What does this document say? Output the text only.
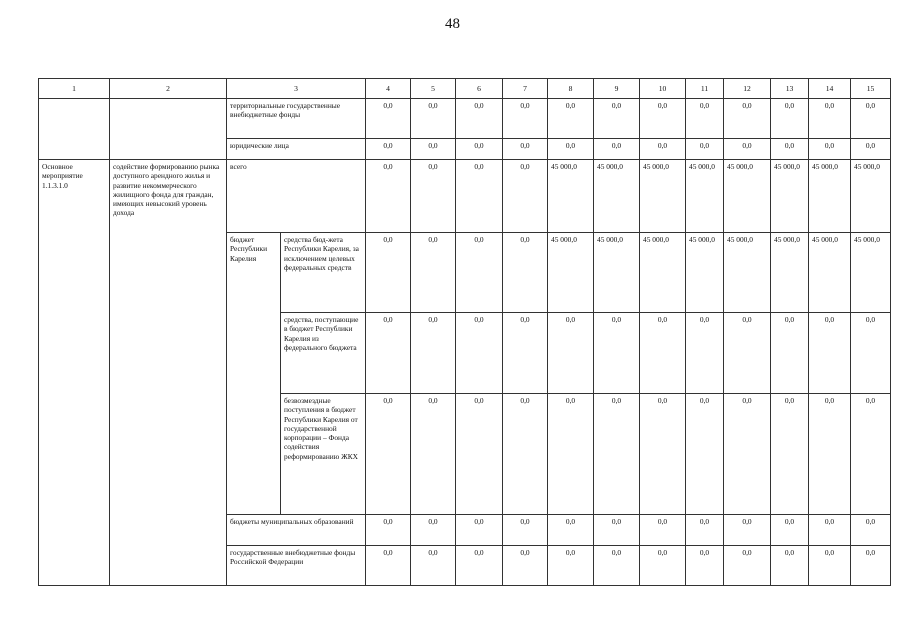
48
1	2	3		4	5	6	7	8	9	10	11	12	13	14	15
		территориальные государственные внебюджетные фонды		0,0	0,0	0,0	0,0	0,0	0,0	0,0	0,0	0,0	0,0	0,0	0,0
		юридические лица		0,0	0,0	0,0	0,0	0,0	0,0	0,0	0,0	0,0	0,0	0,0	0,0
Основное мероприятие 1.1.3.1.0	содействие формированию рынка доступного арендного жилья и развитие некоммерческого жилищного фонда для граждан, имеющих невысокий уровень дохода	всего		0,0	0,0	0,0	0,0	45 000,0	45 000,0	45 000,0	45 000,0	45 000,0	45 000,0	45 000,0	45 000,0
		бюджет Республики Карелия	средства бюд-жета Республики Карелия, за исключением целевых федеральных средств	0,0	0,0	0,0	0,0	45 000,0	45 000,0	45 000,0	45 000,0	45 000,0	45 000,0	45 000,0	45 000,0
			средства, поступающие в бюджет Республики Карелия из федерального бюджета	0,0	0,0	0,0	0,0	0,0	0,0	0,0	0,0	0,0	0,0	0,0	0,0
			безвозмездные поступления в бюджет Республики Карелия от государственной корпорации – Фонда содействия реформированию ЖКХ	0,0	0,0	0,0	0,0	0,0	0,0	0,0	0,0	0,0	0,0	0,0	0,0
		бюджеты муниципальных образований		0,0	0,0	0,0	0,0	0,0	0,0	0,0	0,0	0,0	0,0	0,0	0,0
		государственные внебюджетные фонды Российской Федерации		0,0	0,0	0,0	0,0	0,0	0,0	0,0	0,0	0,0	0,0	0,0	0,0
